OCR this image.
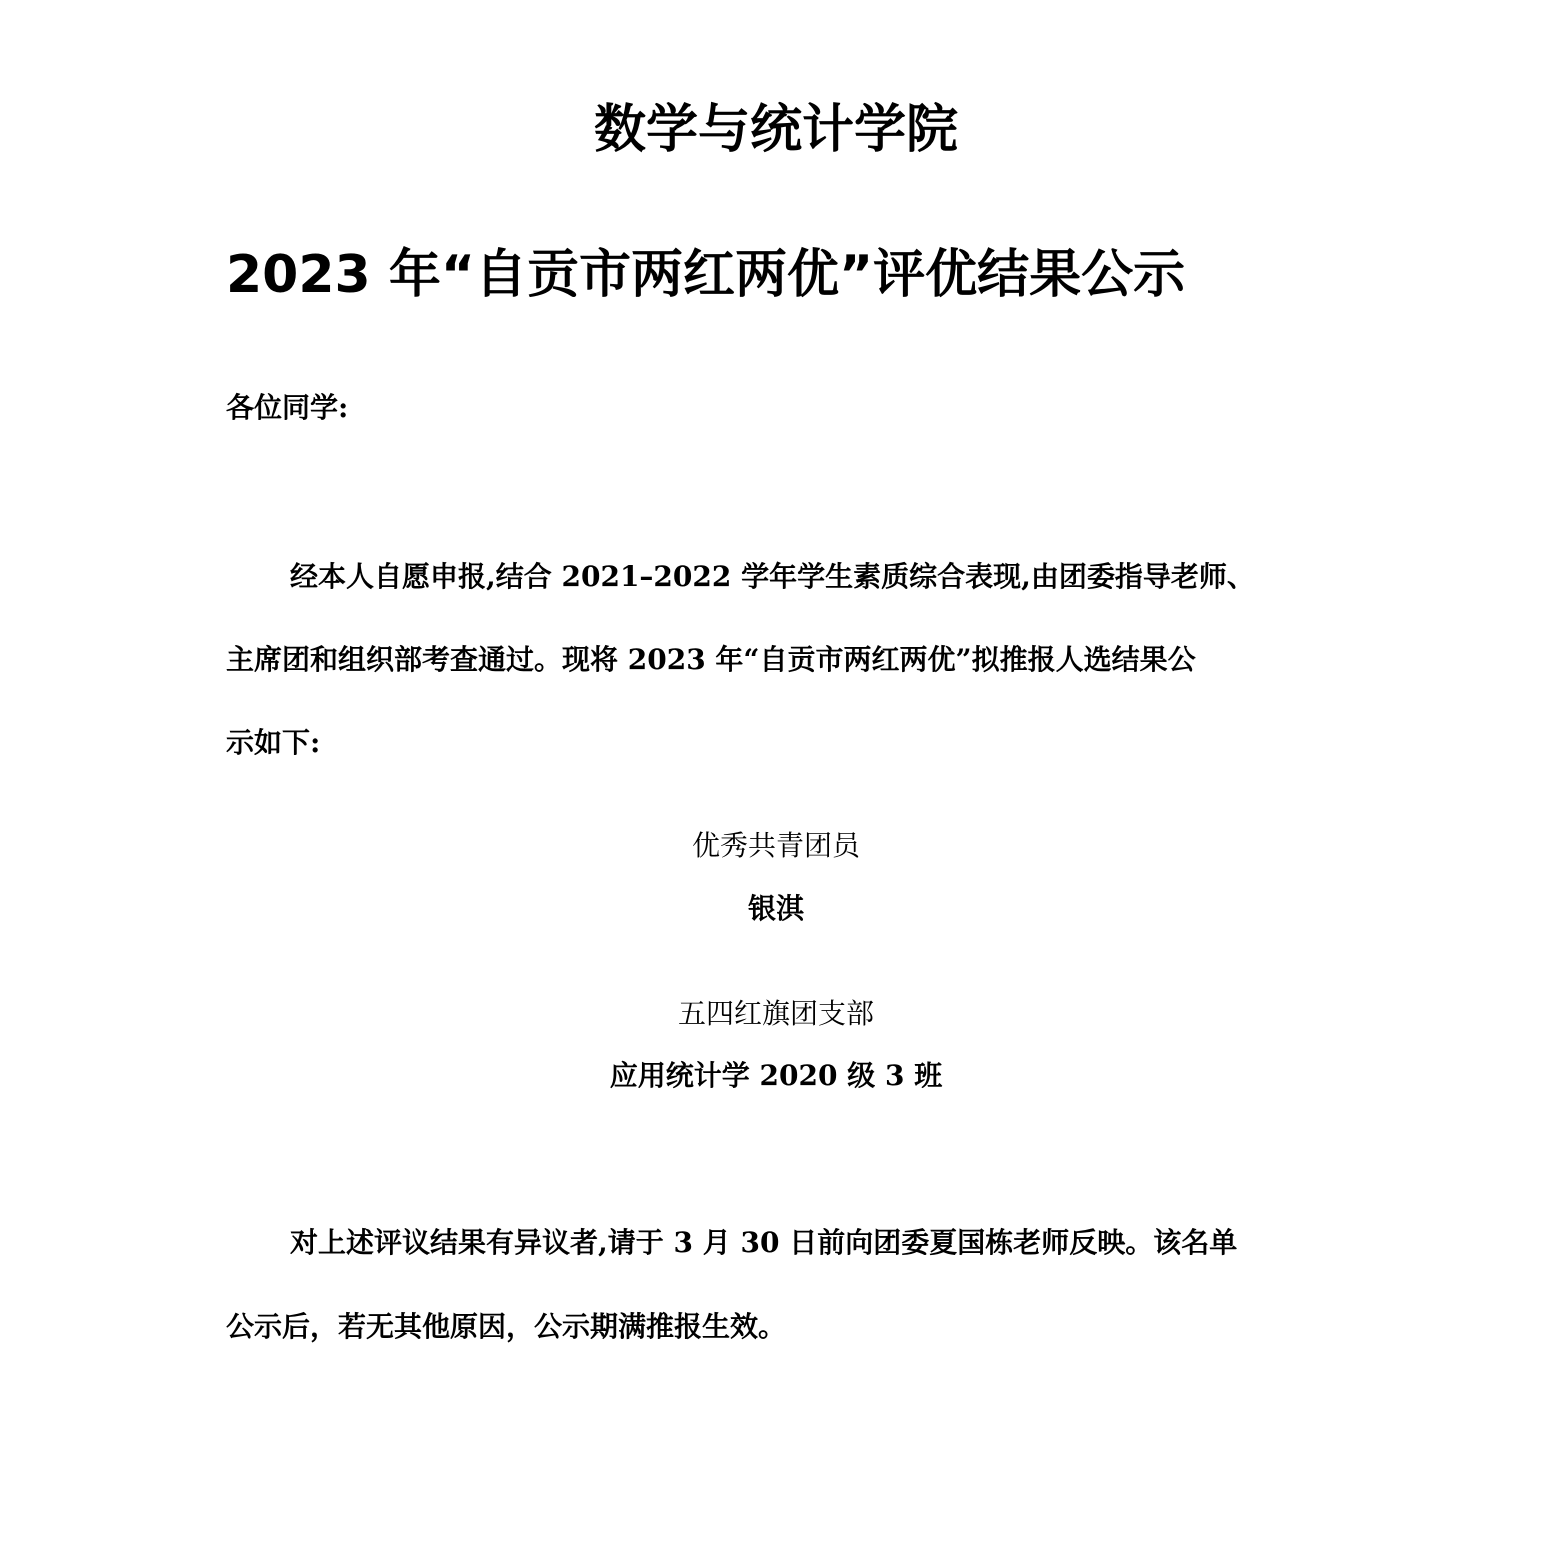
数学与统计学院
2023 年“自贡市两红两优”评优结果公示
各位同学:
经本人自愿申报,结合 2021–2022 学年学生素质综合表现,由团委指导老师、
主席团和组织部考查通过。现将 2023 年“自贡市两红两优”拟推报人选结果公
示如下:
优秀共青团员
银淇
五四红旗团支部
应用统计学 2020 级 3 班
对上述评议结果有异议者,请于 3 月 30 日前向团委夏国栋老师反映。该名单
公示后，若无其他原因，公示期满推报生效。
